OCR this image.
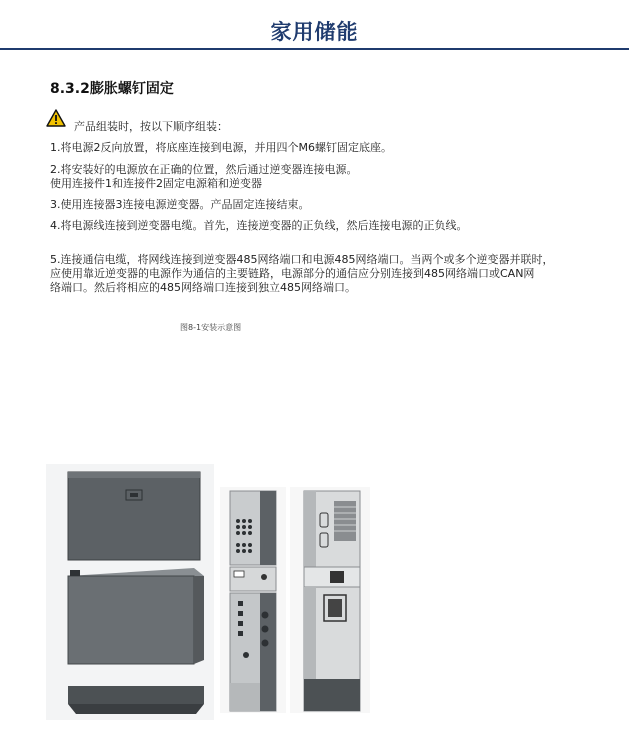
家用储能
8.3.2膨胀螺钉固定
产品组装时，按以下顺序组装：
1.将电源2反向放置，将底座连接到电源，并用四个M6螺钉固定底座。
2.将安装好的电源放在正确的位置，然后通过逆变器连接电源。
使用连接件1和连接件2固定电源箱和逆变器
3.使用连接器3连接电源逆变器。产品固定连接结束。
4.将电源线连接到逆变器电缆。首先，连接逆变器的正负线，然后连接电源的正负线。
5.连接通信电缆，将网线连接到逆变器485网络端口和电源485网络端口。当两个或多个逆变器并联时，
应使用靠近逆变器的电源作为通信的主要链路，电源部分的通信应分别连接到485网络端口或CAN网
络端口。然后将相应的485网络端口连接到独立485网络端口。
图8-1安装示意图
